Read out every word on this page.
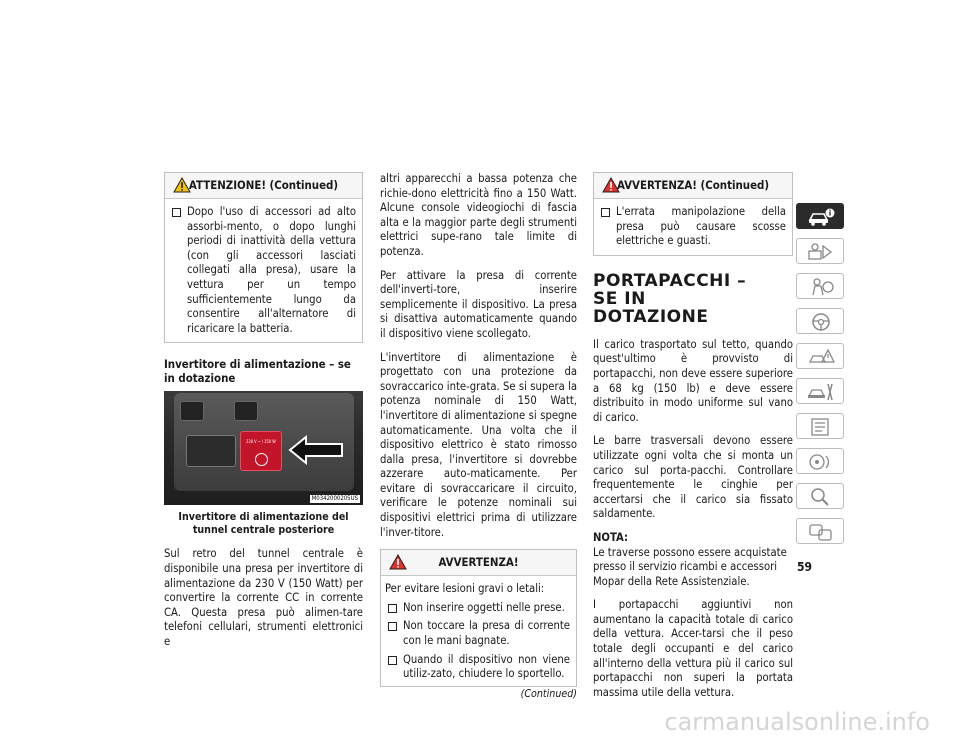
ATTENZIONE! (Continued)
Dopo l'uso di accessori ad alto assorbi-mento, o dopo lunghi periodi di inattività della vettura (con gli accessori lasciati collegati alla presa), usare la vettura per un tempo sufficientemente lungo da consentire all'alternatore di ricaricare la batteria.
Invertitore di alimentazione – se in dotazione
230 V ~ / 150 W
M0342000205US
Invertitore di alimentazione del tunnel centrale posteriore

Sul retro del tunnel centrale è disponibile una presa per invertitore di alimentazione da 230 V (150 Watt) per convertire la corrente CC in corrente CA. Questa presa può alimen-tare telefoni cellulari, strumenti elettronici e

altri apparecchi a bassa potenza che richie-dono elettricità fino a 150 Watt. Alcune console videogiochi di fascia alta e la maggior parte degli strumenti elettrici supe-rano tale limite di potenza.

Per attivare la presa di corrente dell'inverti-tore, inserire semplicemente il dispositivo. La presa si disattiva automaticamente quando il dispositivo viene scollegato.

L'invertitore di alimentazione è progettato con una protezione da sovraccarico inte-grata. Se si supera la potenza nominale di 150 Watt, l'invertitore di alimentazione si spegne automaticamente. Una volta che il dispositivo elettrico è stato rimosso dalla presa, l'invertitore si dovrebbe azzerare auto-maticamente. Per evitare di sovraccaricare il circuito, verificare le potenze nominali sui dispositivi elettrici prima di utilizzare l'inver-titore.

AVVERTENZA!
Per evitare lesioni gravi o letali:
Non inserire oggetti nelle prese.
Non toccare la presa di corrente con le mani bagnate.
Quando il dispositivo non viene utiliz-zato, chiudere lo sportello.
(Continued)
AVVERTENZA! (Continued)
L'errata manipolazione della presa può causare scosse elettriche e guasti.
PORTAPACCHI – SE IN DOTAZIONE

Il carico trasportato sul tetto, quando quest'ultimo è provvisto di portapacchi, non deve essere superiore a 68 kg (150 lb) e deve essere distribuito in modo uniforme sul vano di carico.

Le barre trasversali devono essere utilizzate ogni volta che si monta un carico sul porta-pacchi. Controllare frequentemente le cinghie per accertarsi che il carico sia fissato saldamente.

NOTA:

Le traverse possono essere acquistate presso il servizio ricambi e accessori Mopar della Rete Assistenziale.

I portapacchi aggiuntivi non aumentano la capacità totale di carico della vettura. Accer-tarsi che il peso totale degli occupanti e del carico all'interno della vettura più il carico sul portapacchi non superi la portata massima utile della vettura.

59
carmanualsonline.info
